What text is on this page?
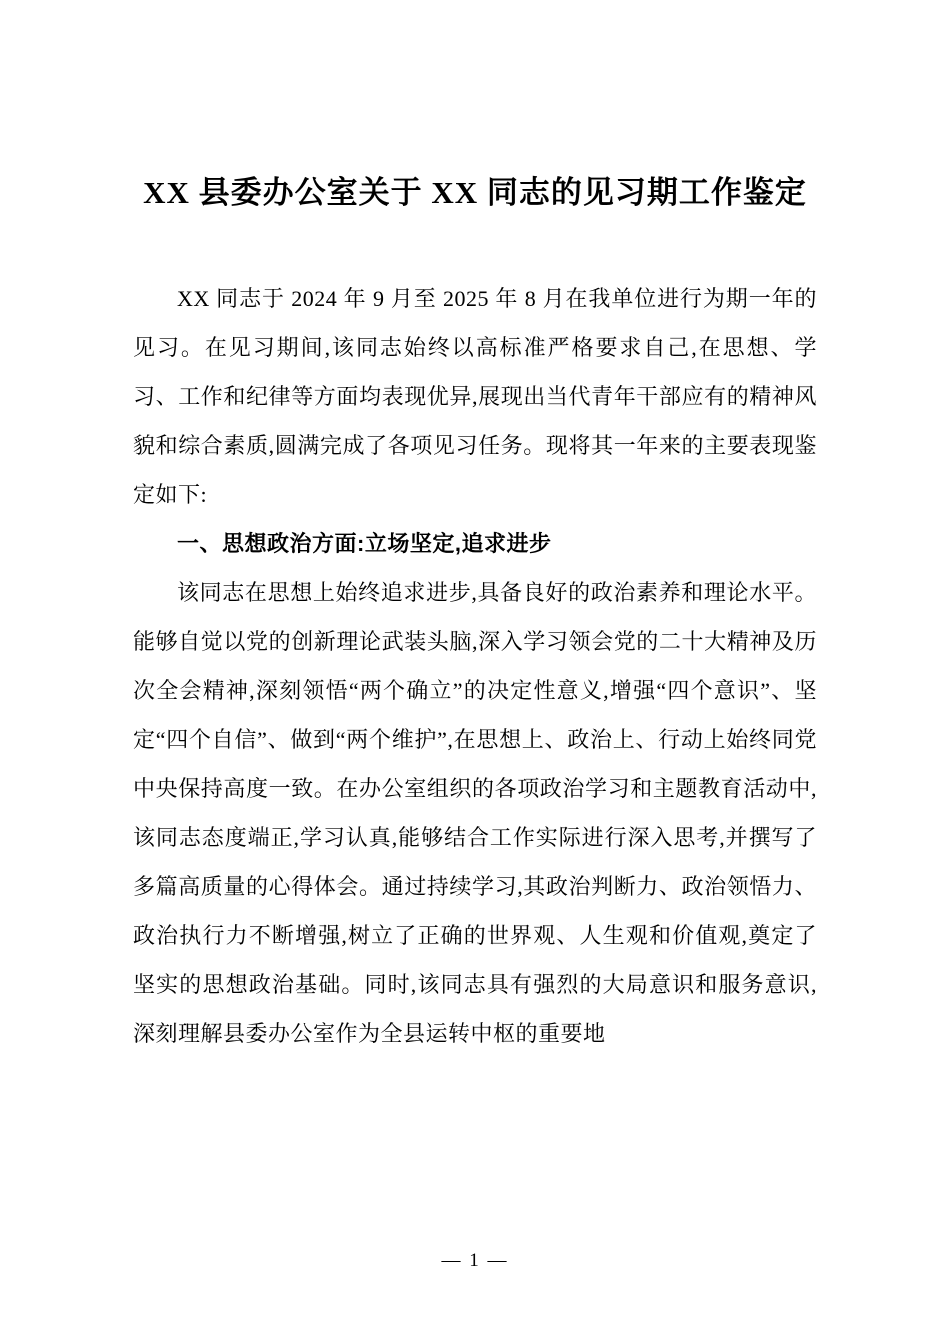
XX 县委办公室关于 XX 同志的见习期工作鉴定

XX 同志于 2024 年 9 月至 2025 年 8 月在我单位进行为期一年的见习。在见习期间,该同志始终以高标准严格要求自己,在思想、学习、工作和纪律等方面均表现优异,展现出当代青年干部应有的精神风貌和综合素质,圆满完成了各项见习任务。现将其一年来的主要表现鉴定如下:

一、思想政治方面:立场坚定,追求进步

该同志在思想上始终追求进步,具备良好的政治素养和理论水平。能够自觉以党的创新理论武装头脑,深入学习领会党的二十大精神及历次全会精神,深刻领悟“两个确立”的决定性意义,增强“四个意识”、坚定“四个自信”、做到“两个维护”,在思想上、政治上、行动上始终同党中央保持高度一致。在办公室组织的各项政治学习和主题教育活动中,该同志态度端正,学习认真,能够结合工作实际进行深入思考,并撰写了多篇高质量的心得体会。通过持续学习,其政治判断力、政治领悟力、政治执行力不断增强,树立了正确的世界观、人生观和价值观,奠定了坚实的思想政治基础。同时,该同志具有强烈的大局意识和服务意识,深刻理解县委办公室作为全县运转中枢的重要地

— 1 —
